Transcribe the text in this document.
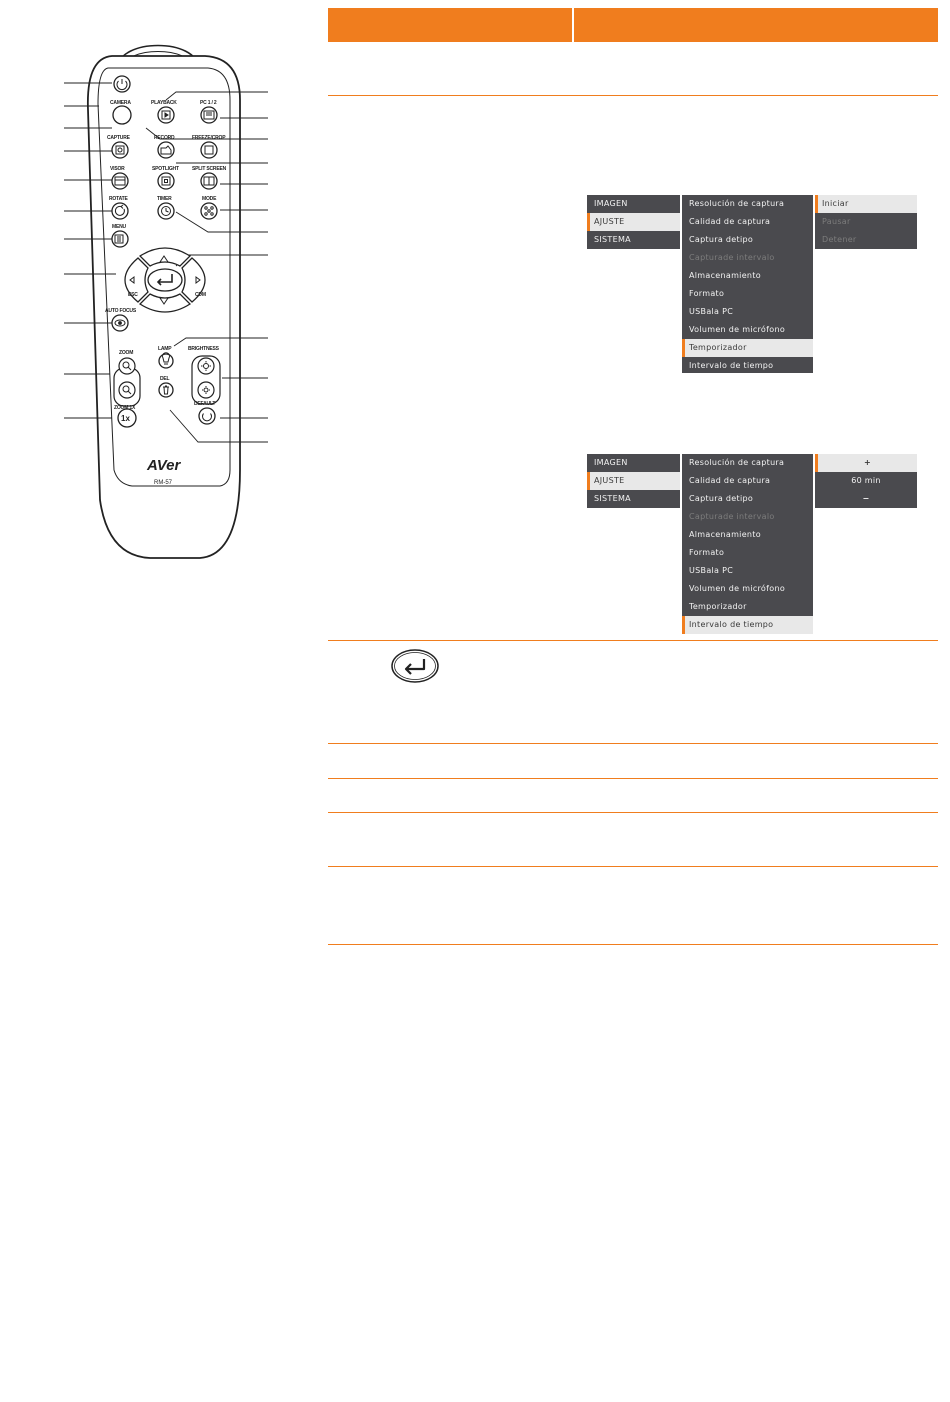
1x
CAMERA	PLAYBACK	PC 1 / 2
CAPTURE	RECORD	FREEZE/CROP
VISOR	SPOTLIGHT	SPLIT SCREEN
ROTATE	TIMER	MODE
MENU
ESC	CDM
AUTO FOCUS
ZOOM
ZOOM 1X
LAMP	BRIGHTNESS
DEL
DEFAULT
AVer
RM-57
IMAGEN
AJUSTE
SISTEMA
Resolución de captura
Calidad de captura
Captura detipo
Capturade intervalo
Almacenamiento
Formato
USBala PC
Volumen de micrófono
Temporizador
Intervalo de tiempo
Iniciar
Pausar
Detener
IMAGEN
AJUSTE
SISTEMA
Resolución de captura
Calidad de captura
Captura detipo
Capturade intervalo
Almacenamiento
Formato
USBala PC
Volumen de micrófono
Temporizador
Intervalo de tiempo
+
60 min
−
